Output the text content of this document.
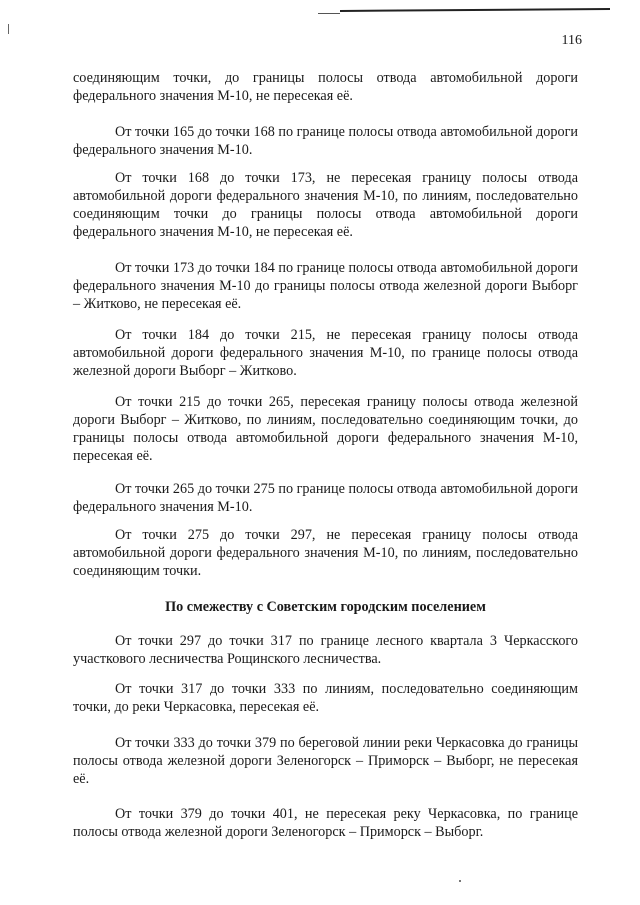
116

соединяющим точки, до границы полосы отвода автомобильной дороги федерального значения М-10, не пересекая её.

От точки 165 до точки 168 по границе полосы отвода автомобильной дороги федерального значения М-10.

От точки 168 до точки 173, не пересекая границу полосы отвода автомобильной дороги федерального значения М-10, по линиям, последовательно соединяющим точки до границы полосы отвода автомобильной дороги федерального значения М-10, не пересекая её.

От точки 173 до точки 184 по границе полосы отвода автомобильной дороги федерального значения М-10 до границы полосы отвода железной дороги Выборг – Житково, не пересекая её.

От точки 184 до точки 215, не пересекая границу полосы отвода автомобильной дороги федерального значения М-10, по границе полосы отвода железной дороги Выборг – Житково.

От точки 215 до точки 265, пересекая границу полосы отвода железной дороги Выборг – Житково, по линиям, последовательно соединяющим точки, до границы полосы отвода автомобильной дороги федерального значения М-10, пересекая её.

От точки 265 до точки 275 по границе полосы отвода автомобильной дороги федерального значения М-10.

От точки 275 до точки 297, не пересекая границу полосы отвода автомобильной дороги федерального значения М-10, по линиям, последовательно соединяющим точки.

По смежеству с Советским городским поселением

От точки 297 до точки 317 по границе лесного квартала 3 Черкасского участкового лесничества Рощинского лесничества.

От точки 317 до точки 333 по линиям, последовательно соединяющим точки, до реки Черкасовка, пересекая её.

От точки 333 до точки 379 по береговой линии реки Черкасовка до границы полосы отвода железной дороги Зеленогорск – Приморск – Выборг, не пересекая её.

От точки 379 до точки 401, не пересекая реку Черкасовка, по границе полосы отвода железной дороги Зеленогорск – Приморск – Выборг.
